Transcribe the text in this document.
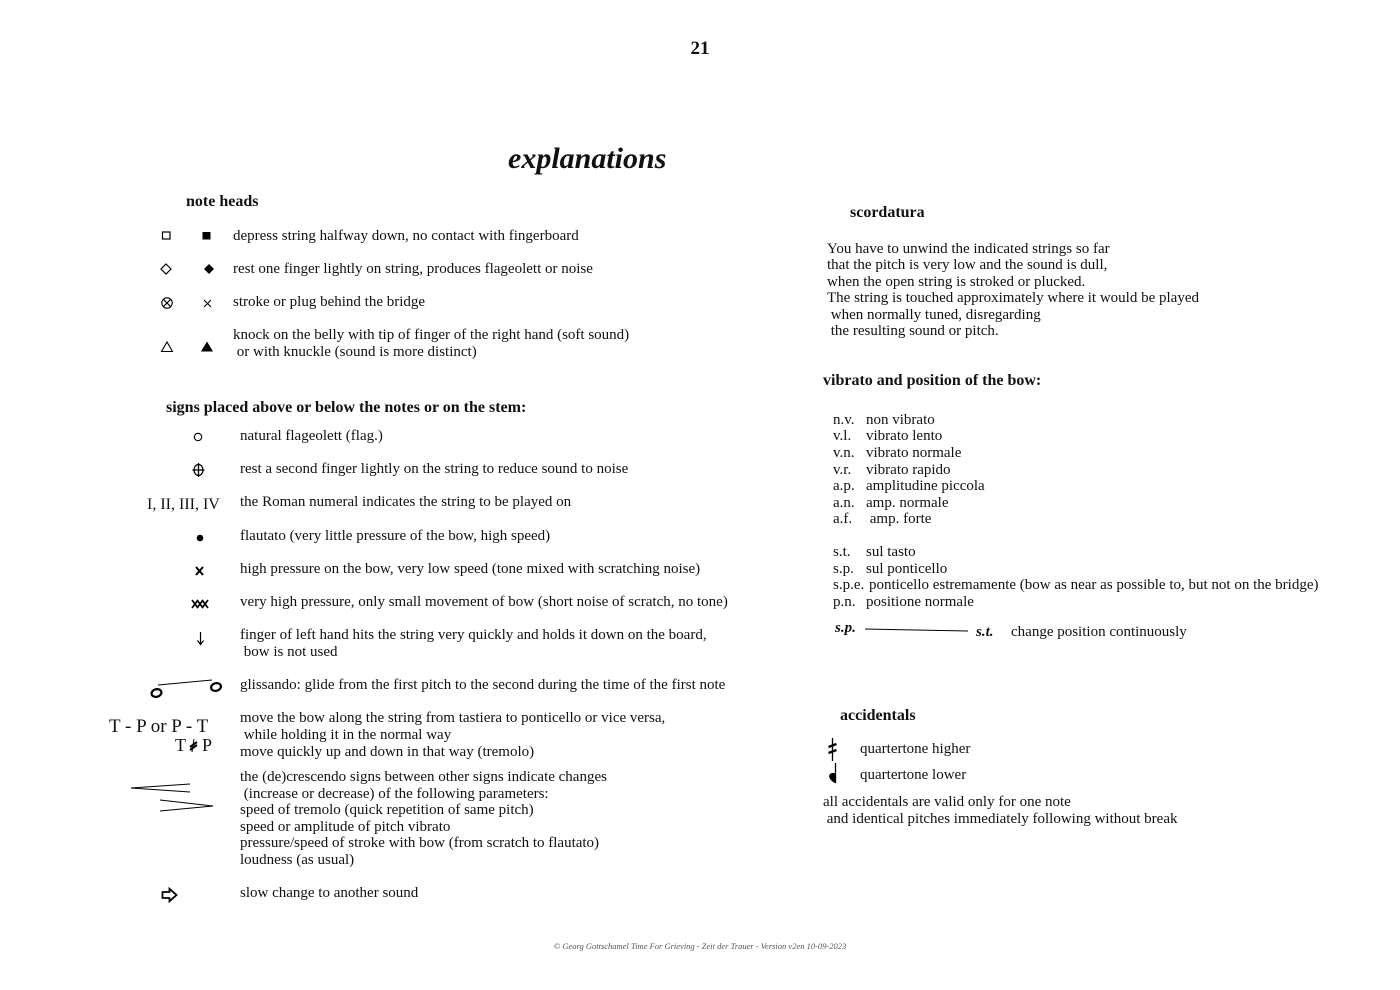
21
explanations
note heads
depress string halfway down, no contact with fingerboard
rest one finger lightly on string, produces flageolett or noise
stroke or plug behind the bridge
knock on the belly with tip of finger of the right hand (soft sound)
or with knuckle (sound is more distinct)
signs placed above or below the notes or on the stem:
natural flageolett (flag.)
rest a second finger lightly on the string to reduce sound to noise
I, II, III, IV the Roman numeral indicates the string to be played on
flautato (very little pressure of the bow, high speed)
high pressure on the bow, very low speed (tone mixed with scratching noise)
very high pressure, only small movement of bow (short noise of scratch, no tone)
finger of left hand hits the string very quickly and holds it down on the board,
bow is not used
glissando: glide from the first pitch to the second during the time of the first note
T - P or P - T
T P
move the bow along the string from tastiera to ponticello or vice versa,
while holding it in the normal way
move quickly up and down in that way (tremolo)
the (de)crescendo signs between other signs indicate changes
(increase or decrease) of the following parameters:
speed of tremolo (quick repetition of same pitch)
speed or amplitude of pitch vibrato
pressure/speed of stroke with bow (from scratch to flautato)
loudness (as usual)
slow change to another sound
scordatura
You have to unwind the indicated strings so far
that the pitch is very low and the sound is dull,
when the open string is stroked or plucked.
The string is touched approximately where it would be played
when normally tuned, disregarding
the resulting sound or pitch.
vibrato and position of the bow:
n.v. non vibrato
v.l. vibrato lento
v.n. vibrato normale
v.r. vibrato rapido
a.p. amplitudine piccola
a.n. amp. normale
a.f. amp. forte
s.t. sul tasto
s.p. sul ponticello
s.p.e. ponticello estremamente (bow as near as possible to, but not on the bridge)
p.n. positione normale
s.p.	s.t. change position continuously
accidentals
quartertone higher
quartertone lower
all accidentals are valid only for one note
and identical pitches immediately following without break
© Georg Gottschamel Time For Grieving - Zeit der Trauer - Version v2en 10-09-2023
